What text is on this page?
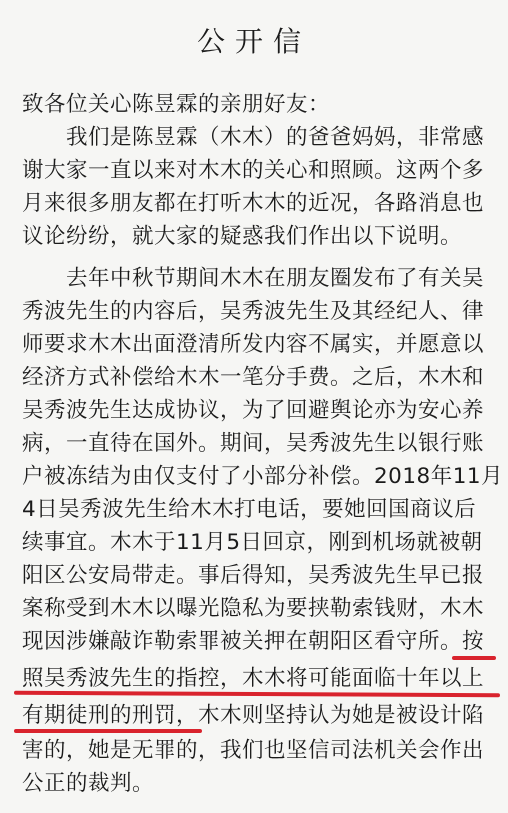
公开信
致各位关心陈昱霖的亲朋好友：
我们是陈昱霖（木木）的爸爸妈妈，非常感
谢大家一直以来对木木的关心和照顾。这两个多
月来很多朋友都在打听木木的近况，各路消息也
议论纷纷，就大家的疑惑我们作出以下说明。
去年中秋节期间木木在朋友圈发布了有关吴
秀波先生的内容后，吴秀波先生及其经纪人、律
师要求木木出面澄清所发内容不属实，并愿意以
经济方式补偿给木木一笔分手费。之后，木木和
吴秀波先生达成协议，为了回避舆论亦为安心养
病，一直待在国外。期间，吴秀波先生以银行账
户被冻结为由仅支付了小部分补偿。2018年11月
4日吴秀波先生给木木打电话，要她回国商议后
续事宜。木木于11月5日回京，刚到机场就被朝
阳区公安局带走。事后得知，吴秀波先生早已报
案称受到木木以曝光隐私为要挟勒索钱财，木木
现因涉嫌敲诈勒索罪被关押在朝阳区看守所。按
照吴秀波先生的指控，木木将可能面临十年以上
有期徒刑的刑罚，木木则坚持认为她是被设计陷
害的，她是无罪的，我们也坚信司法机关会作出
公正的裁判。
